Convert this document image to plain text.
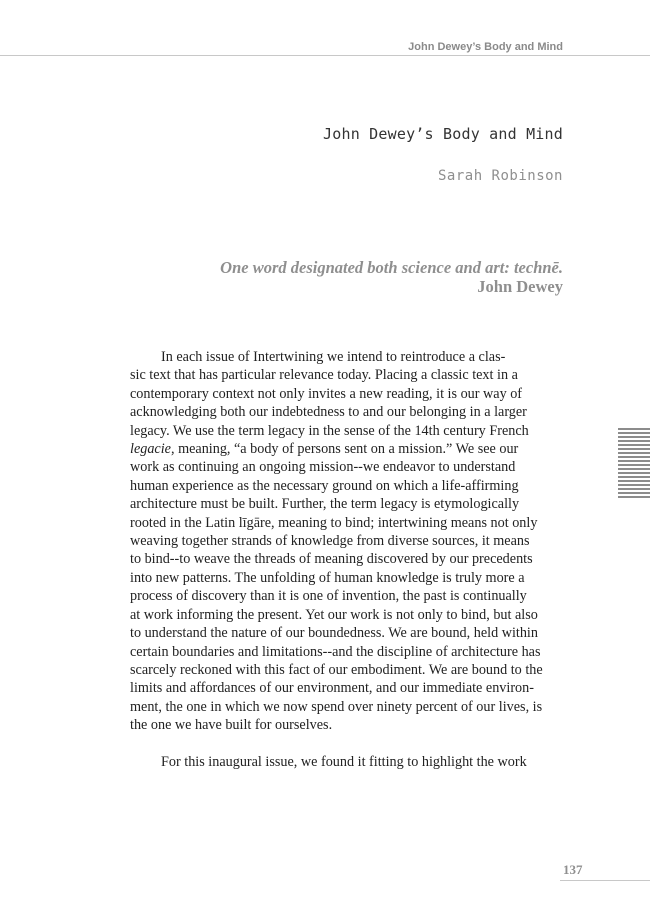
John Dewey’s Body and Mind
John Dewey’s Body and Mind
Sarah Robinson
One word designated both science and art: technē.
John Dewey
In each issue of Intertwining we intend to reintroduce a clas-
sic text that has particular relevance today. Placing a classic text in a
contemporary context not only invites a new reading, it is our way of
acknowledging both our indebtedness to and our belonging in a larger
legacy. We use the term legacy in the sense of the 14th century French
legacie, meaning, “a body of persons sent on a mission.” We see our
work as continuing an ongoing mission--we endeavor to understand
human experience as the necessary ground on which a life-affirming
architecture must be built. Further, the term legacy is etymologically
rooted in the Latin līgāre, meaning to bind; intertwining means not only
weaving together strands of knowledge from diverse sources, it means
to bind--to weave the threads of meaning discovered by our precedents
into new patterns. The unfolding of human knowledge is truly more a
process of discovery than it is one of invention, the past is continually
at work informing the present. Yet our work is not only to bind, but also
to understand the nature of our boundedness. We are bound, held within
certain boundaries and limitations--and the discipline of architecture has
scarcely reckoned with this fact of our embodiment. We are bound to the
limits and affordances of our environment, and our immediate environ-
ment, the one in which we now spend over ninety percent of our lives, is
the one we have built for ourselves.
For this inaugural issue, we found it fitting to highlight the work
137
